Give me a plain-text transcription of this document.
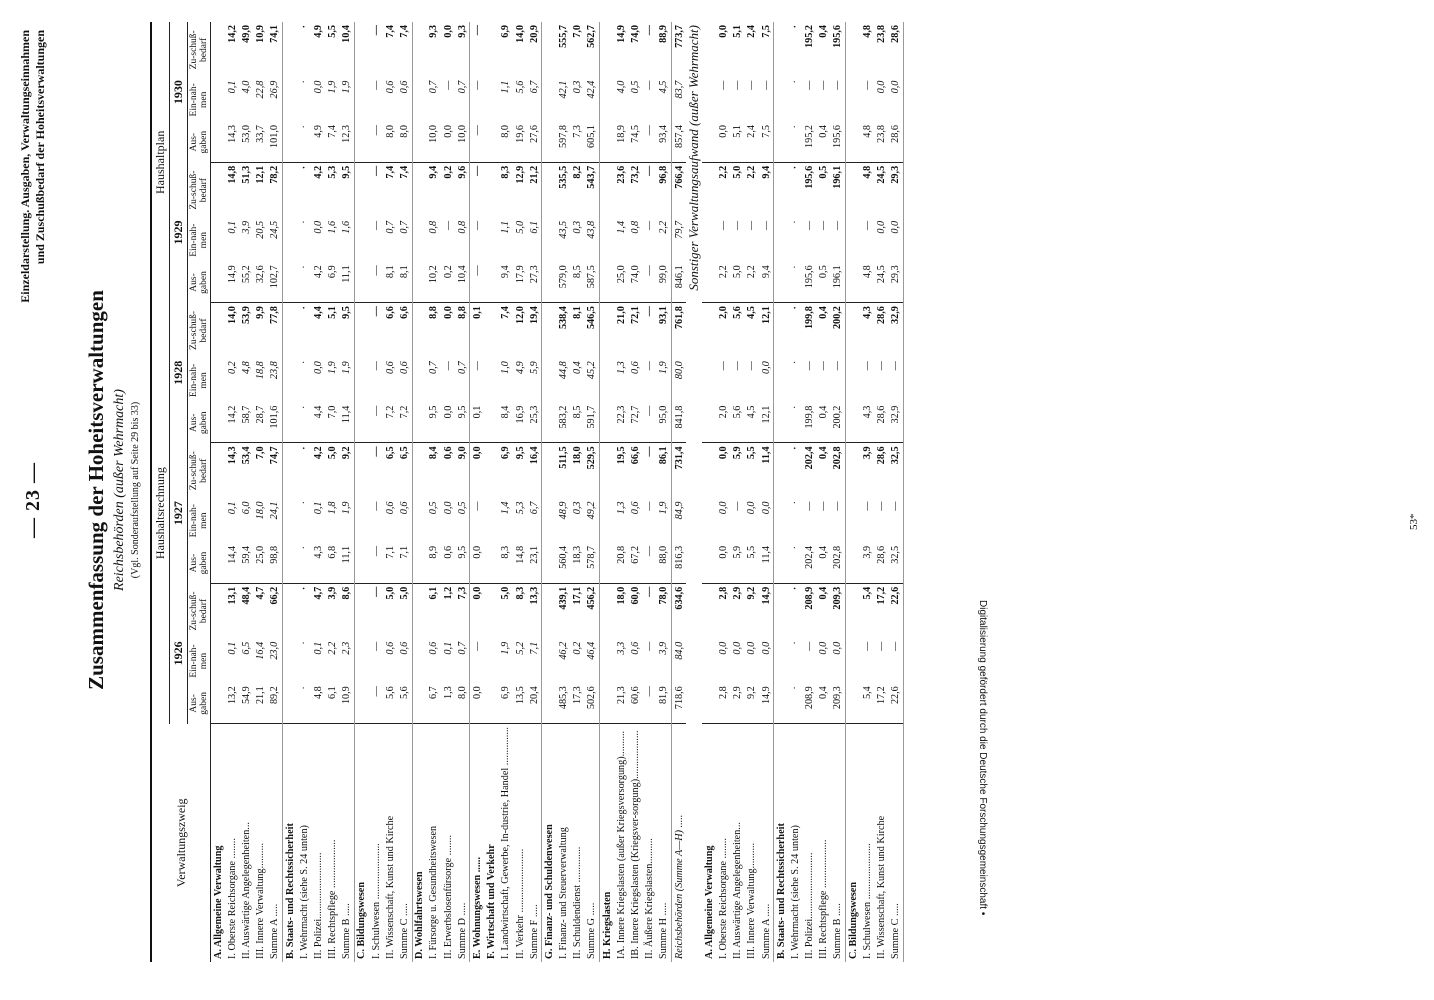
— 23 —
Einzeldarstellung. Ausgaben, Verwaltungseinnahmen und Zuschußbedarf der Hoheitsverwaltungen
Zusammenfassung der Hoheitsverwaltungen Reichsbehörden (außer Wehrmacht) (Vgl. Sonderaufstellung auf Seite 29 bis 33)
Verwaltungszweig	Haushaltsrechnung									Haushaltplan					
	1926			1927			1928			1929			1930		
	Aus-gaben	Ein-nah-men	Zu-schuß-bedarf	Aus-gaben	Ein-nah-men	Zu-schuß-bedarf	Aus-gaben	Ein-nah-men	Zu-schuß-bedarf	Aus-gaben	Ein-nah-men	Zu-schuß-bedarf	Aus-gaben	Ein-nah-men	Zu-schuß-bedarf
A. Allgemeine Verwaltung															
I. Oberste Reichsorgane ........	13,2	0,1	13,1	14,4	0,1	14,3	14,2	0,2	14,0	14,9	0,1	14,8	14,3	0,1	14,2
II. Auswärtige Angelegenheiten...	54,9	6,5	48,4	59,4	6,0	53,4	58,7	4,8	53,9	55,2	3,9	51,3	53,0	4,0	49,0
III. Innere Verwaltung..........	21,1	16,4	4,7	25,0	18,0	7,0	28,7	18,8	9,9	32,6	20,5	12,1	33,7	22,8	10,9
Summe A .....	89,2	23,0	66,2	98,8	24,1	74,7	101,6	23,8	77,8	102,7	24,5	78,2	101,0	26,9	74,1
B. Staats- und Rechtssicherheit															
I. Wehrmacht (siehe S. 24 unten)	·	·	·	·	·	·	·	·	·	·	·	·	·	·	·
II. Polizei..........................	4,8	0,1	4,7	4,3	0,1	4,2	4,4	0,0	4,4	4,2	0,0	4,2	4,9	0,0	4,9
III. Rechtspflege ...................	6,1	2,2	3,9	6,8	1,8	5,0	7,0	1,9	5,1	6,9	1,6	5,3	7,4	1,9	5,5
Summe B .....	10,9	2,3	8,6	11,1	1,9	9,2	11,4	1,9	9,5	11,1	1,6	9,5	12,3	1,9	10,4
C. Bildungswesen															
I. Schulwesen ......................	—	—	—	—	—	—	—	—	—	—	—	—	—	—	—
II. Wissenschaft, Kunst und Kirche	5,6	0,6	5,0	7,1	0,6	6,5	7,2	0,6	6,6	8,1	0,7	7,4	8,0	0,6	7,4
Summe C .....	5,6	0,6	5,0	7,1	0,6	6,5	7,2	0,6	6,6	8,1	0,7	7,4	8,0	0,6	7,4
D. Wohlfahrtswesen															
I. Fürsorge u. Gesundheitswesen	6,7	0,6	6,1	8,9	0,5	8,4	9,5	0,7	8,8	10,2	0,8	9,4	10,0	0,7	9,3
II. Erwerbslosenfürsorge ........	1,3	0,1	1,2	0,6	0,0	0,6	0,0	—	0,0	0,2	—	0,2	0,0	—	0,0
Summe D .....	8,0	0,7	7,3	9,5	0,5	9,0	9,5	0,7	8,8	10,4	0,8	9,6	10,0	0,7	9,3
E. Wohnungswesen ......	0,0	—	0,0	0,0	—	0,0	0,1	—	0,1	—	—	—	—	—	—
F. Wirtschaft und Verkehr															
I. Landwirtschaft, Gewerbe, In-dustrie, Handel ...............	6,9	1,9	5,0	8,3	1,4	6,9	8,4	1,0	7,4	9,4	1,1	8,3	8,0	1,1	6,9
II. Verkehr .........................	13,5	5,2	8,3	14,8	5,3	9,5	16,9	4,9	12,0	17,9	5,0	12,9	19,6	5,6	14,0
Summe F .....	20,4	7,1	13,3	23,1	6,7	16,4	25,3	5,9	19,4	27,3	6,1	21,2	27,6	6,7	20,9
G. Finanz- und Schuldenwesen															
I. Finanz- und Steuerverwaltung	485,3	46,2	439,1	560,4	48,9	511,5	583,2	44,8	538,4	579,0	43,5	535,5	597,8	42,1	555,7
II. Schuldendienst ..............	17,3	0,2	17,1	18,3	0,3	18,0	8,5	0,4	8,1	8,5	0,3	8,2	7,3	0,3	7,0
Summe G .....	502,6	46,4	456,2	578,7	49,2	529,5	591,7	45,2	546,5	587,5	43,8	543,7	605,1	42,4	562,7
H. Kriegslasten															
IA. Innere Kriegslasten (außer Kriegsversorgung)..........	21,3	3,3	18,0	20,8	1,3	19,5	22,3	1,3	21,0	25,0	1,4	23,6	18,9	4,0	14,9
IB. Innere Kriegslasten (Kriegsver-sorgung)...................	60,6	0,6	60,0	67,2	0,6	66,6	72,7	0,6	72,1	74,0	0,8	73,2	74,5	0,5	74,0
II. Äußere Kriegslasten..........	—	—	—	—	—	—	—	—	—	—	—	—	—	—	—
Summe H .....	81,9	3,9	78,0	88,0	1,9	86,1	95,0	1,9	93,1	99,0	2,2	96,8	93,4	4,5	88,9
Reichsbehörden (Summe A—H) .....	718,6	84,0	634,6	816,3	84,9	731,4	841,8	80,0	761,8	846,1	79,7	766,4	857,4	83,7	773,7
Sonstiger Verwaltungsaufwand (außer Wehrmacht)															
A. Allgemeine Verwaltung															
I. Oberste Reichsorgane ........	2,8	0,0	2,8	0,0	0,0	0,0	2,0	—	2,0	2,2	—	2,2	0,0	—	0,0
II. Auswärtige Angelegenheiten...	2,9	0,0	2,9	5,9	—	5,9	5,6	—	5,6	5,0	—	5,0	5,1	—	5,1
III. Innere Verwaltung..........	9,2	0,0	9,2	5,5	0,0	5,5	4,5	—	4,5	2,2	—	2,2	2,4	—	2,4
Summe A .....	14,9	0,0	14,9	11,4	0,0	11,4	12,1	0,0	12,1	9,4	—	9,4	7,5	—	7,5
B. Staats- und Rechtssicherheit															
I. Wehrmacht (siehe S. 24 unten)	·	·	·	·	·	·	·	·	·	·	·	·	·	·	·
II. Polizei..........................	208,9	—	208,9	202,4	—	202,4	199,8	—	199,8	195,6	—	195,6	195,2	—	195,2
III. Rechtspflege ...................	0,4	0,0	0,4	0,4	—	0,4	0,4	—	0,4	0,5	—	0,5	0,4	—	0,4
Summe B .....	209,3	0,0	209,3	202,8	—	202,8	200,2	—	200,2	196,1	—	196,1	195,6	—	195,6
C. Bildungswesen															
I. Schulwesen ......................	5,4	—	5,4	3,9	—	3,9	4,3	—	4,3	4,8	—	4,8	4,8	—	4,8
II. Wissenschaft, Kunst und Kirche	17,2	—	17,2	28,6	—	28,6	28,6	—	28,6	24,5	0,0	24,5	23,8	0,0	23,8
Summe C .....	22,6	—	22,6	32,5	—	32,5	32,9	—	32,9	29,3	0,0	29,3	28,6	0,0	28,6
53*
Digitalisierung gefördert durch die Deutsche Forschungsgemeinschaft •
